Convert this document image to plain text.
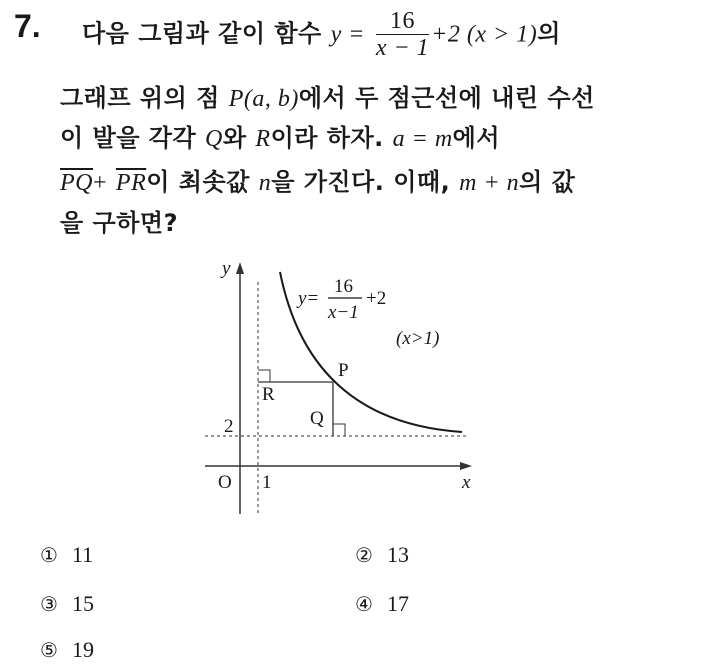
7. 다음 그림과 같이 함수 $y = \frac{16}{x - 1} +2$ (x > 1)의
그래프 위의 점 P(a, b)에서 두 점근선에 내린 수선
이 발을 각각 Q와 R이라 하자. a = m에서
$\overline{PQ}+ \overline{PR}$이 최솟값 n을 가진다. 이때, m + n의 값
을 구하면?
y
x
O 1
2
y=
16
x−1
+2
(x>1)
P
Q
R
① 11	② 13
③ 15	④ 17
⑤ 19
